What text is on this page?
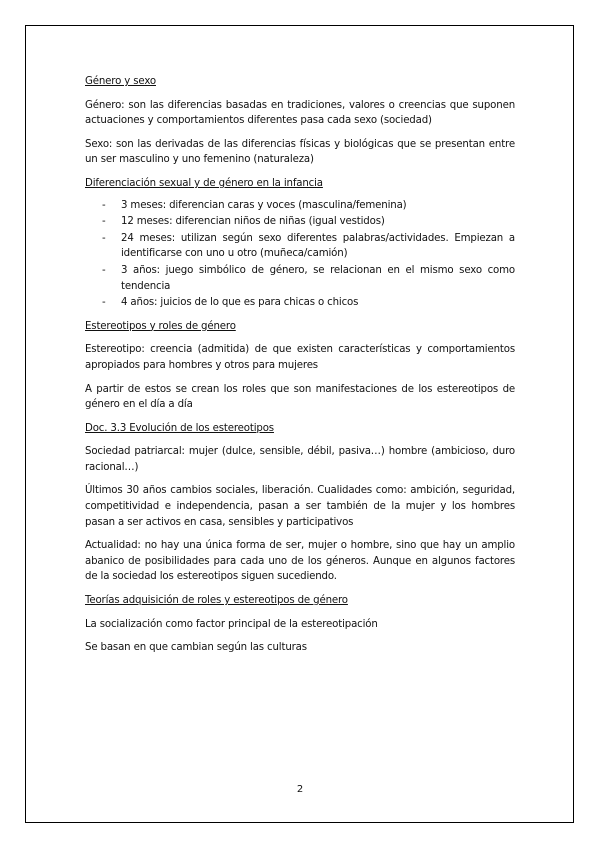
Género y sexo

Género: son las diferencias basadas en tradiciones, valores o creencias que suponen actuaciones y comportamientos diferentes pasa cada sexo (sociedad)

Sexo: son las derivadas de las diferencias físicas y biológicas que se presentan entre un ser masculino y uno femenino (naturaleza)

Diferenciación sexual y de género en la infancia
- 3 meses: diferencian caras y voces (masculina/femenina)
- 12 meses: diferencian niños de niñas (igual vestidos)
- 24 meses: utilizan según sexo diferentes palabras/actividades. Empiezan a identificarse con uno u otro (muñeca/camión)
- 3 años: juego simbólico de género, se relacionan en el mismo sexo como tendencia
- 4 años: juicios de lo que es para chicas o chicos
Estereotipos y roles de género

Estereotipo: creencia (admitida) de que existen características y comportamientos apropiados para hombres y otros para mujeres

A partir de estos se crean los roles que son manifestaciones de los estereotipos de género en el día a día

Doc. 3.3 Evolución de los estereotipos

Sociedad patriarcal: mujer (dulce, sensible, débil, pasiva…) hombre (ambicioso, duro racional…)

Últimos 30 años cambios sociales, liberación. Cualidades como: ambición, seguridad, competitividad e independencia, pasan a ser también de la mujer y los hombres pasan a ser activos en casa, sensibles y participativos

Actualidad: no hay una única forma de ser, mujer o hombre, sino que hay un amplio abanico de posibilidades para cada uno de los géneros. Aunque en algunos factores de la sociedad los estereotipos siguen sucediendo.

Teorías adquisición de roles y estereotipos de género

La socialización como factor principal de la estereotipación

Se basan en que cambian según las culturas

2
